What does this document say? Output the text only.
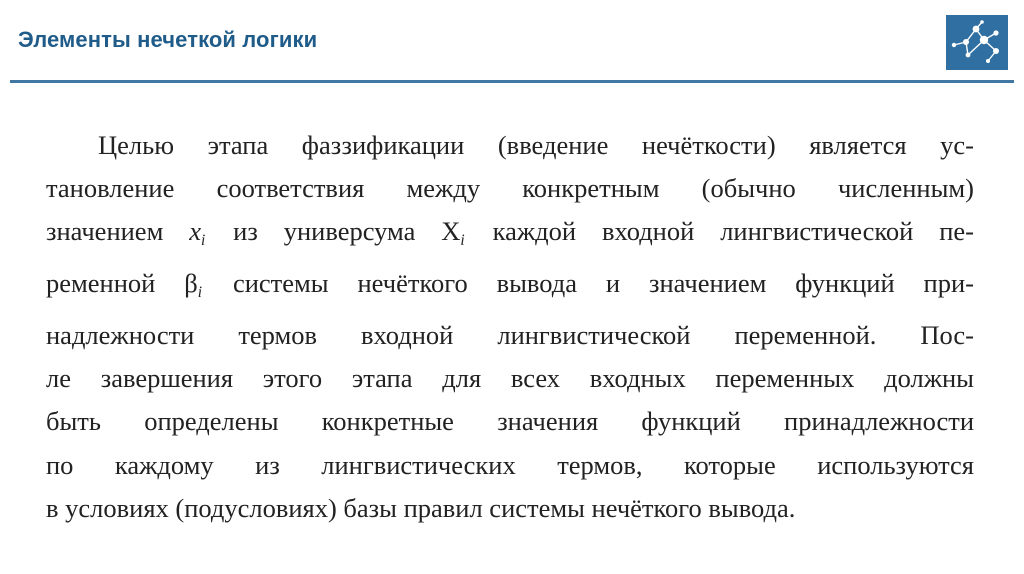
Элементы нечеткой логики
Целью этапа фаззификации (введение нечёткости) является ус-
тановление соответствия между конкретным (обычно численным)
значением xi из универсума Xi каждой входной лингвистической пе-
ременной βi системы нечёткого вывода и значением функций при-
надлежности термов входной лингвистической переменной. Пос-
ле завершения этого этапа для всех входных переменных должны
быть определены конкретные значения функций принадлежности
по каждому из лингвистических термов, которые используются
в условиях (подусловиях) базы правил системы нечёткого вывода.
